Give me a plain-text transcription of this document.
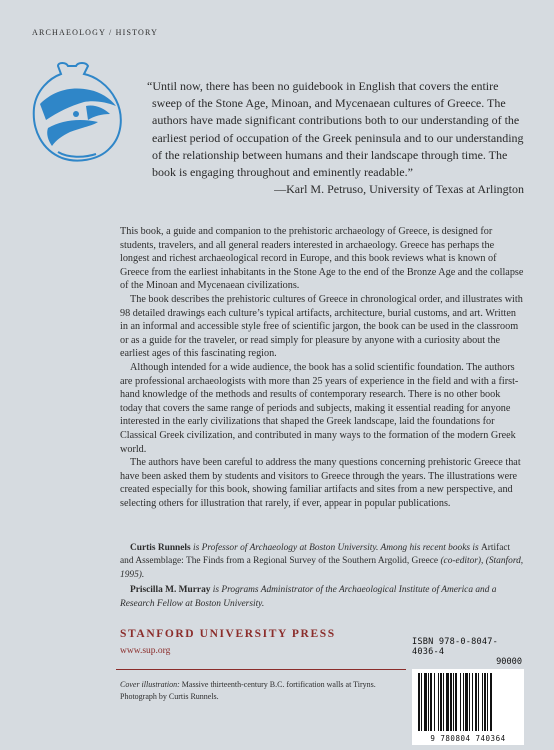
ARCHAEOLOGY / HISTORY

“Until now, there has been no guidebook in English that covers the entire sweep of the Stone Age, Minoan, and Mycenaean cultures of Greece. The authors have made significant contributions both to our understanding of the earliest period of occupation of the Greek peninsula and to our understanding of the relationship between humans and their landscape through time. The book is engaging throughout and eminently readable.”

—Karl M. Petruso, University of Texas at Arlington

This book, a guide and companion to the prehistoric archaeology of Greece, is designed for students, travelers, and all general readers interested in archaeology. Greece has perhaps the longest and richest archaeological record in Europe, and this book reviews what is known of Greece from the earliest inhabitants in the Stone Age to the end of the Bronze Age and the collapse of the Minoan and Mycenaean civilizations.

The book describes the prehistoric cultures of Greece in chronological order, and illustrates with 98 detailed drawings each culture’s typical artifacts, architecture, burial customs, and art. Written in an informal and accessible style free of scientific jargon, the book can be used in the classroom or as a guide for the traveler, or read simply for pleasure by anyone with a curiosity about the earliest ages of this fascinating region.

Although intended for a wide audience, the book has a solid scientific foundation. The authors are professional archaeologists with more than 25 years of experience in the field and with a first-hand knowledge of the methods and results of contemporary research. There is no other book today that covers the same range of periods and subjects, making it essential reading for anyone interested in the early civilizations that shaped the Greek landscape, laid the foundations for Classical Greek civilization, and contributed in many ways to the formation of the modern Greek world.

The authors have been careful to address the many questions concerning prehistoric Greece that have been asked them by students and visitors to Greece through the years. The illustrations were created especially for this book, showing familiar artifacts and sites from a new perspective, and selecting others for illustration that rarely, if ever, appear in popular publications.

Curtis Runnels is Professor of Archaeology at Boston University. Among his recent books is Artifact and Assemblage: The Finds from a Regional Survey of the Southern Argolid, Greece (co-editor), (Stanford, 1995).

Priscilla M. Murray is Programs Administrator of the Archaeological Institute of America and a Research Fellow at Boston University.

STANFORD UNIVERSITY PRESS
www.sup.org
Cover illustration: Massive thirteenth-century B.C. fortification walls at Tiryns.
Photograph by Curtis Runnels.
ISBN 978-0-8047-4036-4
90000
9 780804 740364
